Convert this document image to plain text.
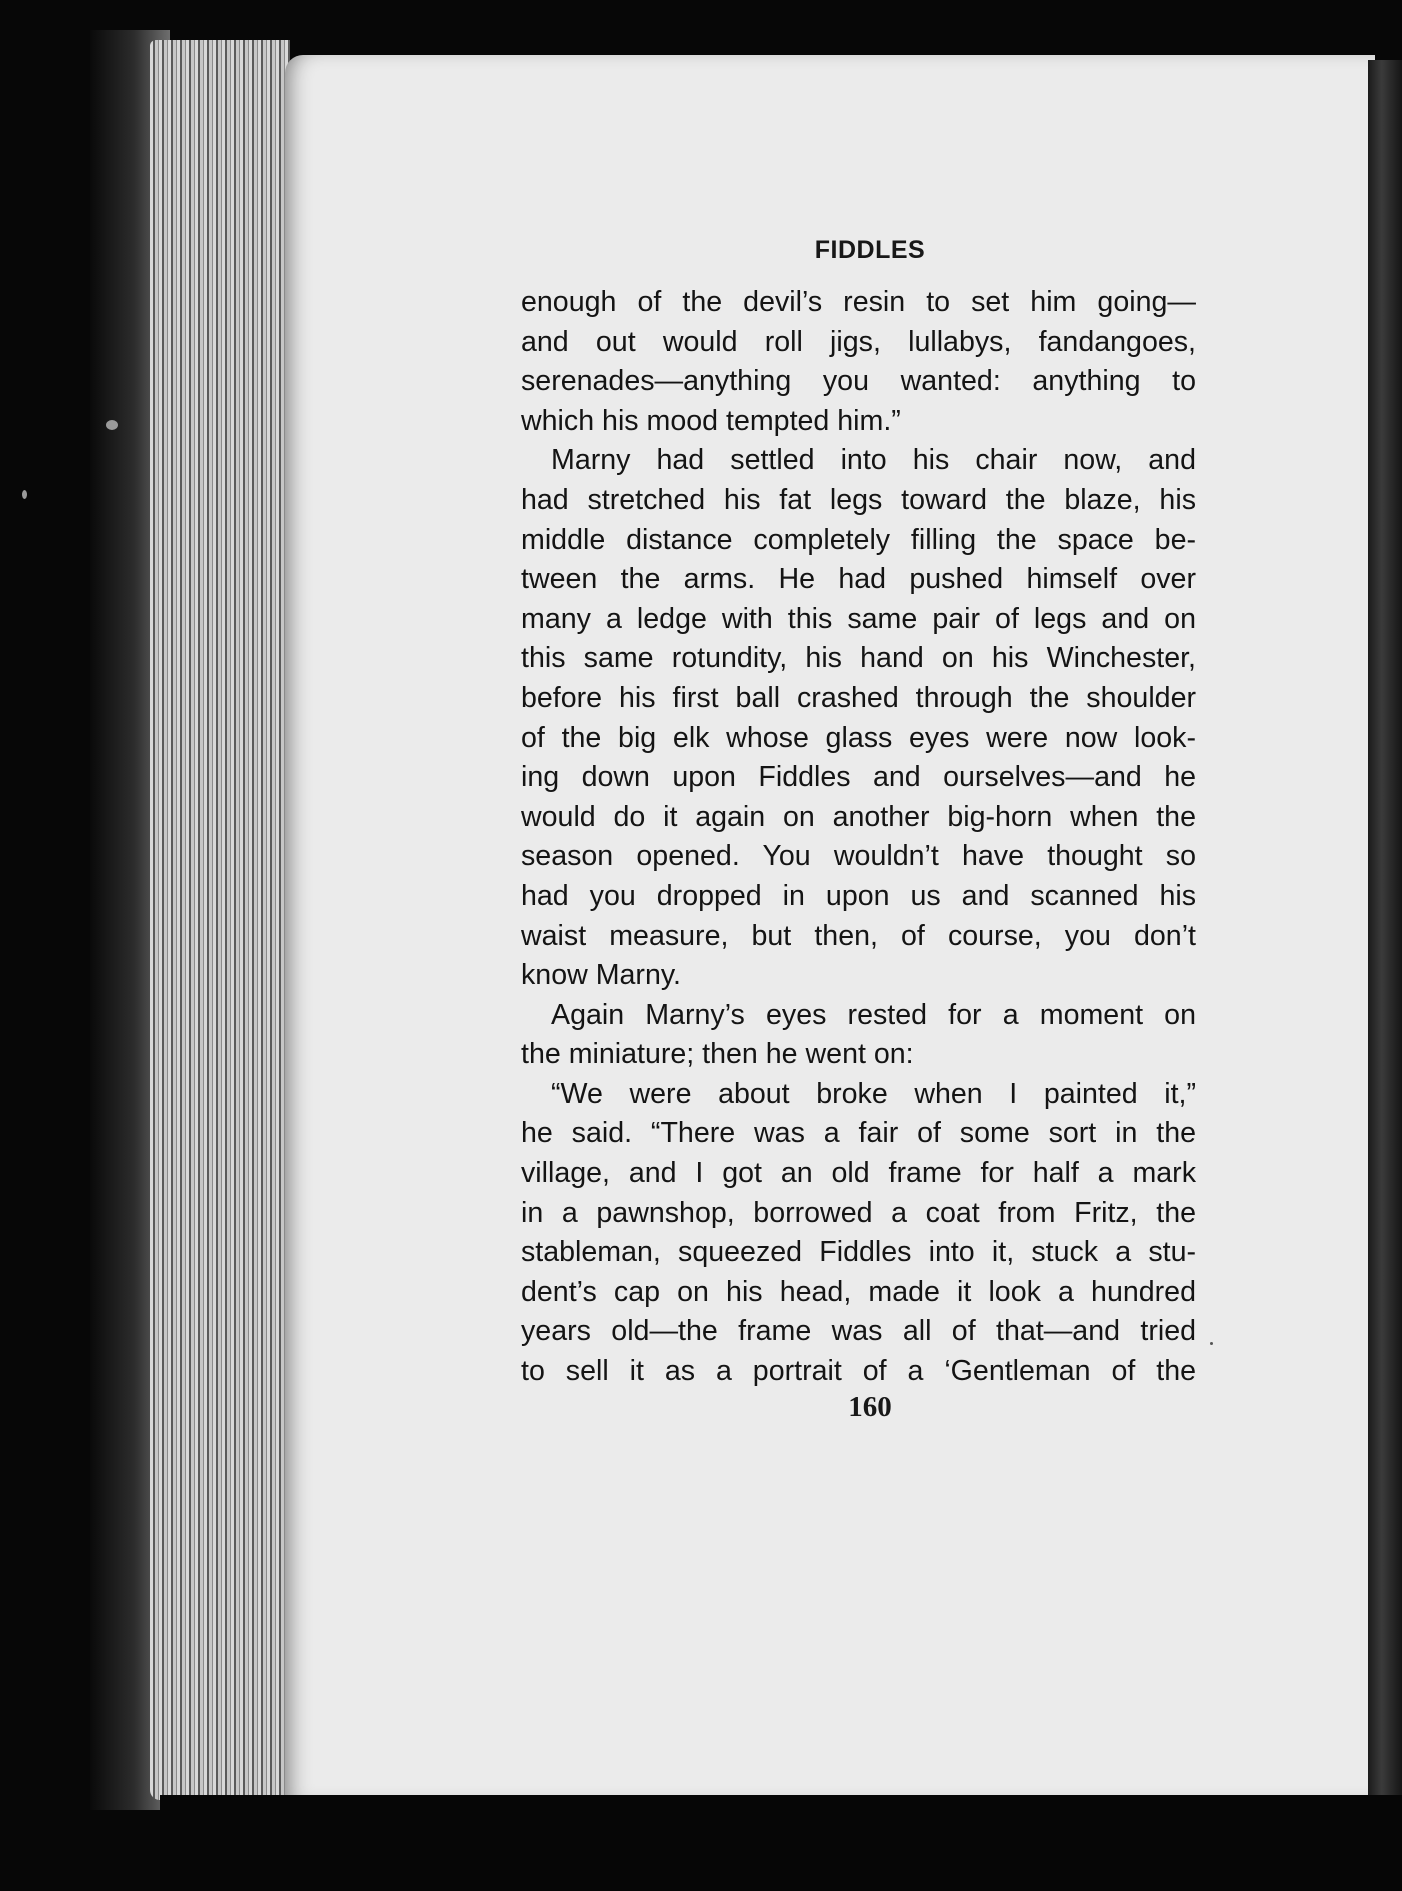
FIDDLES
enough of the devil’s resin to set him going—
and out would roll jigs, lullabys, fandangoes,
serenades—anything you wanted: anything to
which his mood tempted him.”
Marny had settled into his chair now, and
had stretched his fat legs toward the blaze, his
middle distance completely filling the space be-
tween the arms. He had pushed himself over
many a ledge with this same pair of legs and on
this same rotundity, his hand on his Winchester,
before his first ball crashed through the shoulder
of the big elk whose glass eyes were now look-
ing down upon Fiddles and ourselves—and he
would do it again on another big-horn when the
season opened. You wouldn’t have thought so
had you dropped in upon us and scanned his
waist measure, but then, of course, you don’t
know Marny.
Again Marny’s eyes rested for a moment on
the miniature; then he went on:
“We were about broke when I painted it,”
he said. “There was a fair of some sort in the
village, and I got an old frame for half a mark
in a pawnshop, borrowed a coat from Fritz, the
stableman, squeezed Fiddles into it, stuck a stu-
dent’s cap on his head, made it look a hundred
years old—the frame was all of that—and tried
to sell it as a portrait of a ‘Gentleman of the
160
